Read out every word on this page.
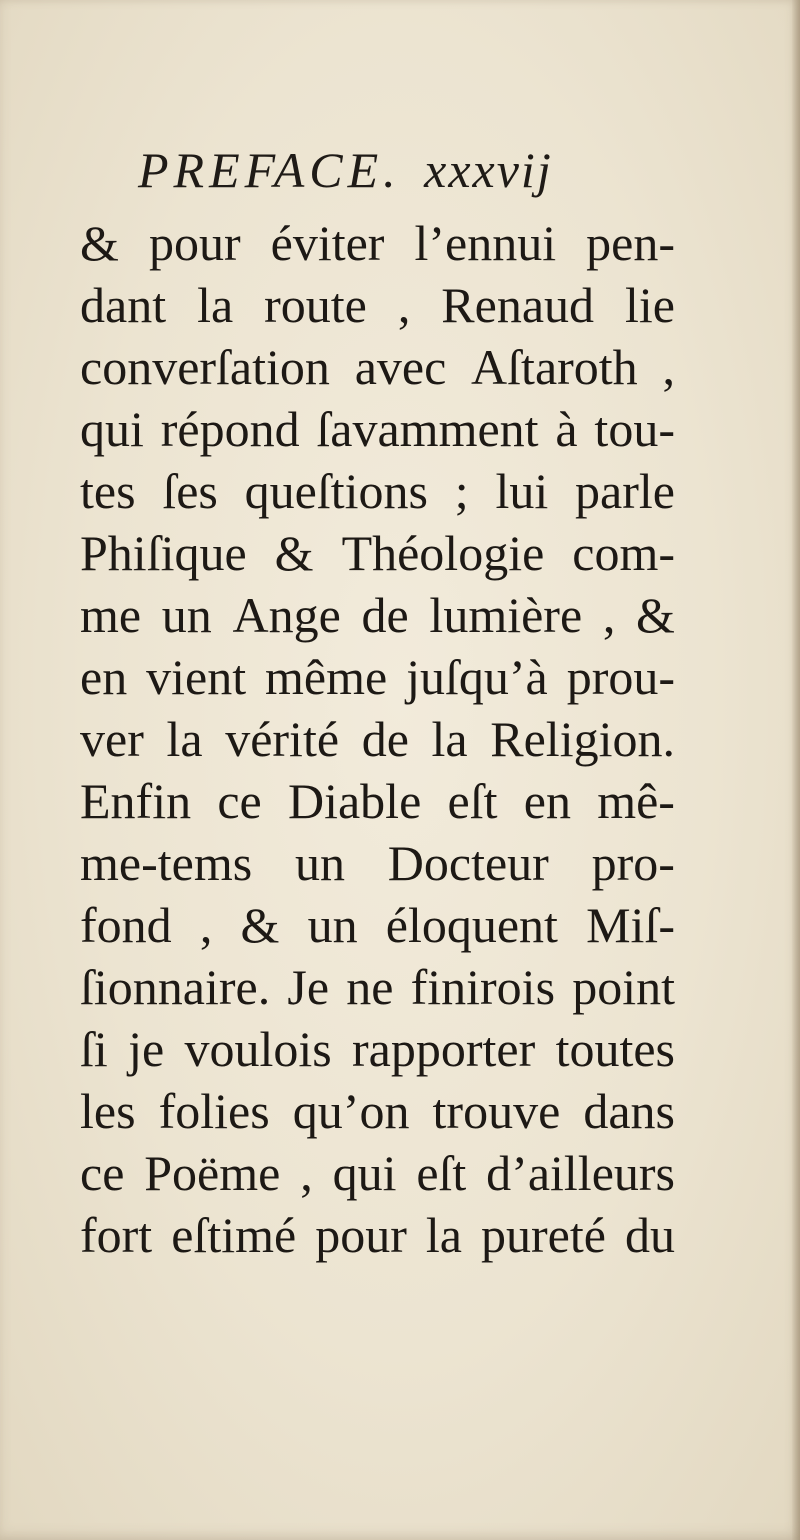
PREFACE. xxxvij
& pour éviter l’ennui pen-
dant la route , Renaud lie
converſation avec Aſtaroth ,
qui répond ſavamment à tou-
tes ſes queſtions ; lui parle
Phiſique & Théologie com-
me un Ange de lumière , &
en vient même juſqu’à prou-
ver la vérité de la Religion.
Enfin ce Diable eſt en mê-
me-tems un Docteur pro-
fond , & un éloquent Miſ-
ſionnaire. Je ne finirois point
ſi je voulois rapporter toutes
les folies qu’on trouve dans
ce Poëme , qui eſt d’ailleurs
fort eſtimé pour la pureté du
